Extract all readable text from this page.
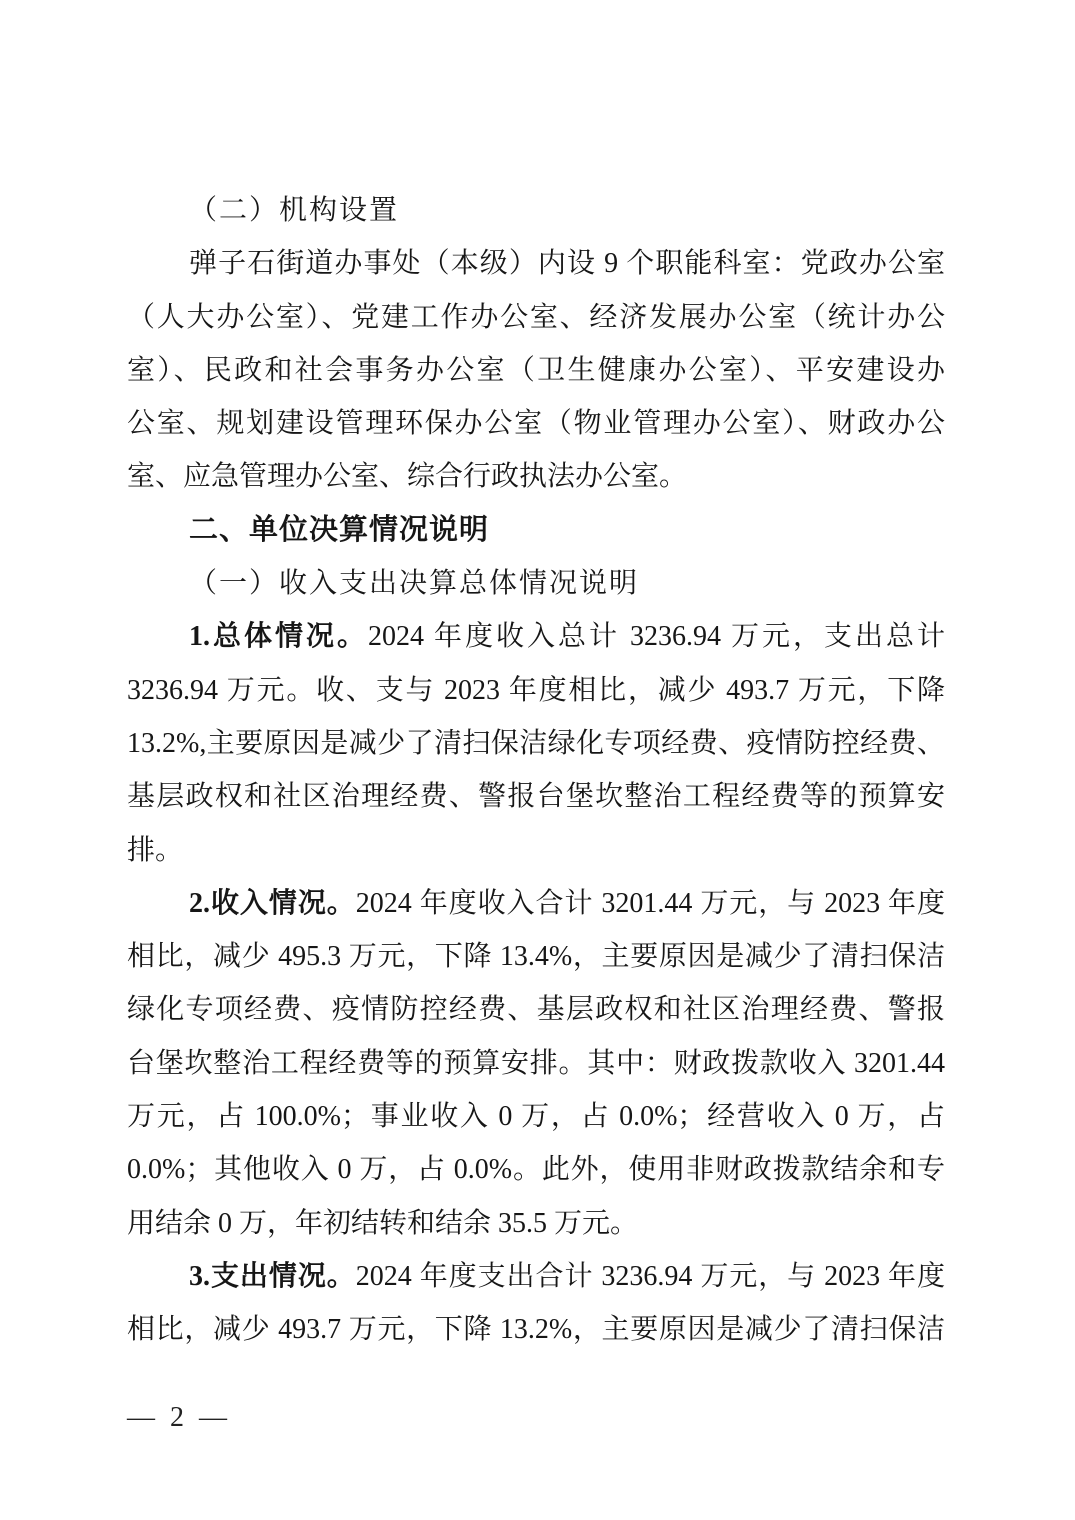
（二）机构设置
弹子石街道办事处（本级）内设 9 个职能科室：党政办公室
（人大办公室）、党建工作办公室、经济发展办公室（统计办公
室）、民政和社会事务办公室（卫生健康办公室）、平安建设办
公室、规划建设管理环保办公室（物业管理办公室）、财政办公
室、应急管理办公室、综合行政执法办公室。
二、单位决算情况说明
（一）收入支出决算总体情况说明
1.总体情况。2024 年度收入总计 3236.94 万元，支出总计
3236.94 万元。收、支与 2023 年度相比，减少 493.7 万元，下降
13.2%,主要原因是减少了清扫保洁绿化专项经费、疫情防控经费、
基层政权和社区治理经费、警报台堡坎整治工程经费等的预算安
排。
2.收入情况。2024 年度收入合计 3201.44 万元，与 2023 年度
相比，减少 495.3 万元，下降 13.4%，主要原因是减少了清扫保洁
绿化专项经费、疫情防控经费、基层政权和社区治理经费、警报
台堡坎整治工程经费等的预算安排。其中：财政拨款收入 3201.44
万元，占 100.0%；事业收入 0 万，占 0.0%；经营收入 0 万，占
0.0%；其他收入 0 万，占 0.0%。此外，使用非财政拨款结余和专
用结余 0 万，年初结转和结余 35.5 万元。
3.支出情况。2024 年度支出合计 3236.94 万元，与 2023 年度
相比，减少 493.7 万元，下降 13.2%，主要原因是减少了清扫保洁
— 2 —
